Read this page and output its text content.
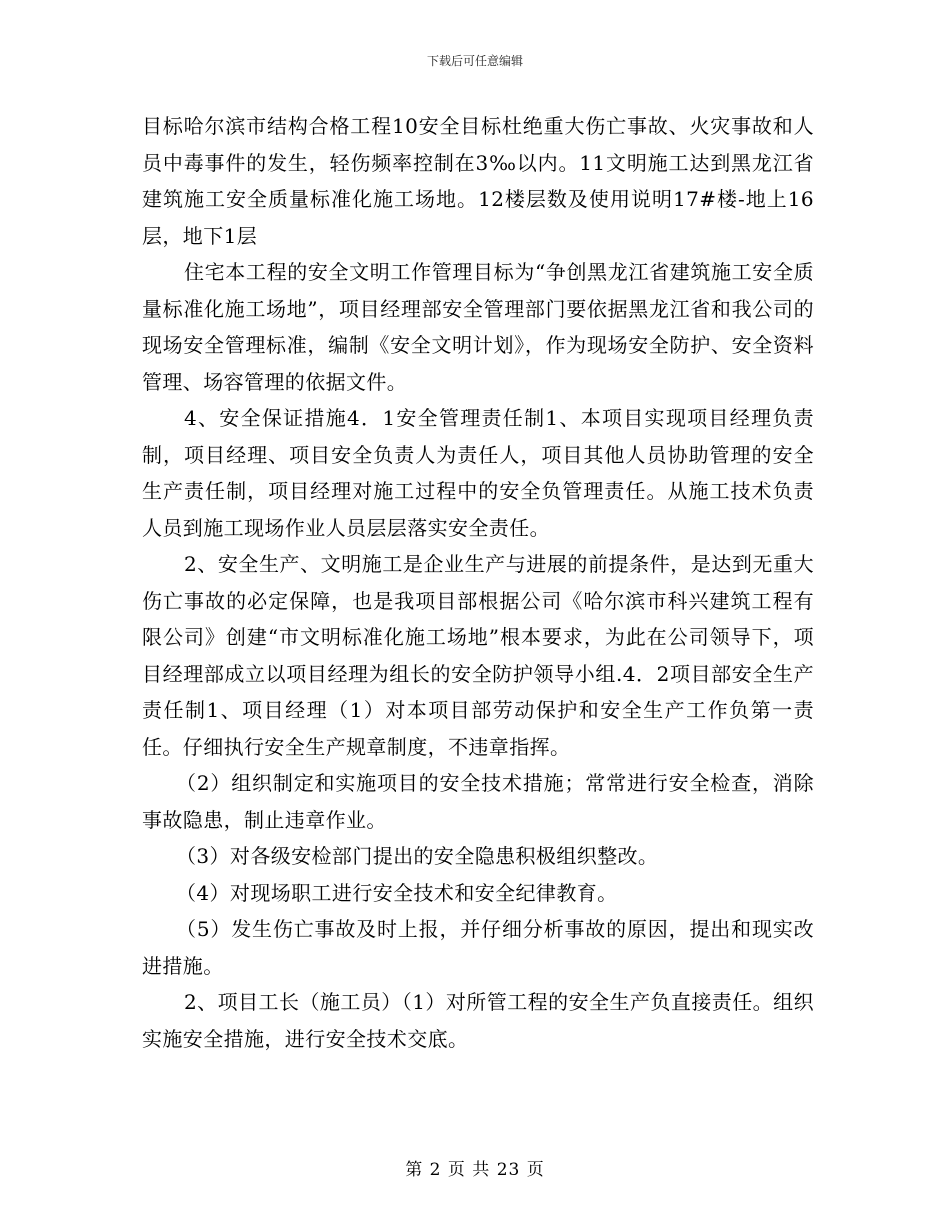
下载后可任意编辑

目标哈尔滨市结构合格工程10安全目标杜绝重大伤亡事故、火灾事故和人员中毒事件的发生，轻伤频率控制在3‰以内。11文明施工达到黑龙江省建筑施工安全质量标准化施工场地。12楼层数及使用说明17#楼-地上16层，地下1层

住宅本工程的安全文明工作管理目标为“争创黑龙江省建筑施工安全质量标准化施工场地”，项目经理部安全管理部门要依据黑龙江省和我公司的现场安全管理标准，编制《安全文明计划》，作为现场安全防护、安全资料管理、场容管理的依据文件。

4、安全保证措施4．1安全管理责任制1、本项目实现项目经理负责制，项目经理、项目安全负责人为责任人，项目其他人员协助管理的安全生产责任制，项目经理对施工过程中的安全负管理责任。从施工技术负责人员到施工现场作业人员层层落实安全责任。

2、安全生产、文明施工是企业生产与进展的前提条件，是达到无重大伤亡事故的必定保障，也是我项目部根据公司《哈尔滨市科兴建筑工程有限公司》创建“市文明标准化施工场地”根本要求，为此在公司领导下，项目经理部成立以项目经理为组长的安全防护领导小组.4．2项目部安全生产责任制1、项目经理（1）对本项目部劳动保护和安全生产工作负第一责任。仔细执行安全生产规章制度，不违章指挥。

（2）组织制定和实施项目的安全技术措施；常常进行安全检查，消除事故隐患，制止违章作业。

（3）对各级安检部门提出的安全隐患积极组织整改。

（4）对现场职工进行安全技术和安全纪律教育。

（5）发生伤亡事故及时上报，并仔细分析事故的原因，提出和现实改进措施。

2、项目工长（施工员）（1）对所管工程的安全生产负直接责任。组织实施安全措施，进行安全技术交底。

第 2 页 共 23 页
